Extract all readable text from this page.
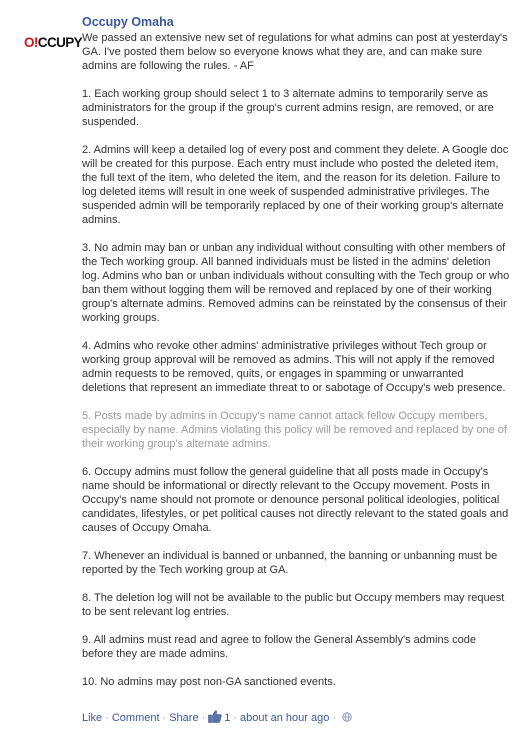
O!CCUPY
Occupy Omaha

We passed an extensive new set of regulations for what admins can post at yesterday's GA. I've posted them below so everyone knows what they are, and can make sure admins are following the rules. - AF

1. Each working group should select 1 to 3 alternate admins to temporarily serve as administrators for the group if the group's current admins resign, are removed, or are suspended.

2. Admins will keep a detailed log of every post and comment they delete. A Google doc will be created for this purpose. Each entry must include who posted the deleted item, the full text of the item, who deleted the item, and the reason for its deletion. Failure to log deleted items will result in one week of suspended administrative privileges. The suspended admin will be temporarily replaced by one of their working group's alternate admins.

3. No admin may ban or unban any individual without consulting with other members of the Tech working group. All banned individuals must be listed in the admins' deletion log. Admins who ban or unban individuals without consulting with the Tech group or who ban them without logging them will be removed and replaced by one of their working group's alternate admins. Removed admins can be reinstated by the consensus of their working groups.

4. Admins who revoke other admins' administrative privileges without Tech group or working group approval will be removed as admins. This will not apply if the removed admin requests to be removed, quits, or engages in spamming or unwarranted deletions that represent an immediate threat to or sabotage of Occupy's web presence.

5. Posts made by admins in Occupy's name cannot attack fellow Occupy members, especially by name. Admins violating this policy will be removed and replaced by one of their working group's alternate admins.

6. Occupy admins must follow the general guideline that all posts made in Occupy's name should be informational or directly relevant to the Occupy movement. Posts in Occupy's name should not promote or denounce personal political ideologies, political candidates, lifestyles, or pet political causes not directly relevant to the stated goals and causes of Occupy Omaha.

7. Whenever an individual is banned or unbanned, the banning or unbanning must be reported by the Tech working group at GA.

8. The deletion log will not be available to the public but Occupy members may request to be sent relevant log entries.

9. All admins must read and agree to follow the General Assembly's admins code before they are made admins.

10. No admins may post non-GA sanctioned events.

Like · Comment · Share · 1 · about an hour ago ·
